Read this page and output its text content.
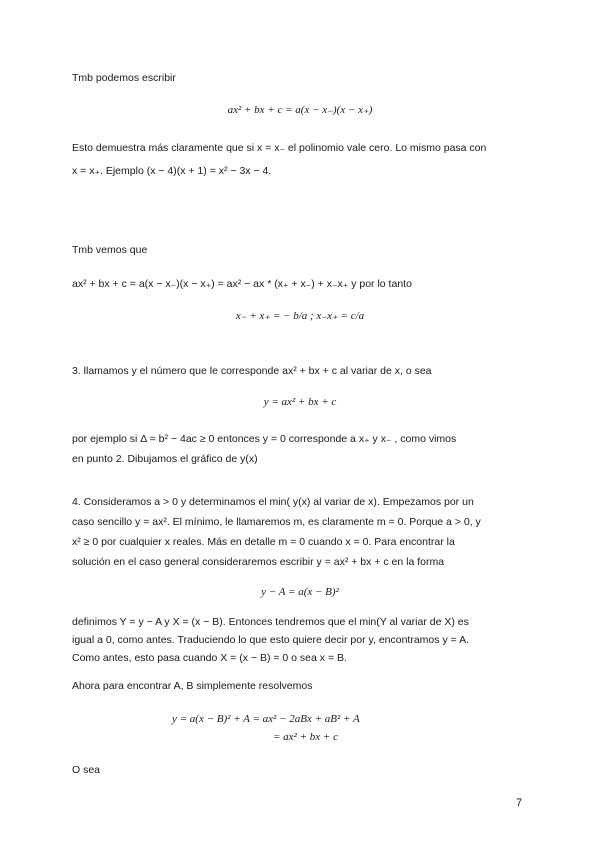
Tmb podemos escribir
ax² + bx + c = a(x − x₋)(x − x₊)
Esto demuestra más claramente que si x = x₋ el polinomio vale cero. Lo mismo pasa con
x = x₊. Ejemplo (x − 4)(x + 1) = x² − 3x − 4.
Tmb vemos que
ax² + bx + c = a(x − x₋)(x − x₊) = ax² − ax * (x₊ + x₋) + x₋x₊ y por lo tanto
x₋ + x₊ = − b/a ; x₋x₊ = c/a
3. llamamos y el número que le corresponde ax² + bx + c al variar de x, o sea
y = ax² + bx + c
por ejemplo si Δ = b² − 4ac ≥ 0 entonces y = 0 corresponde a x₊ y x₋ , como vimos
en punto 2. Dibujamos el gráfico de y(x)
4. Consideramos a > 0 y determinamos el min( y(x) al variar de x). Empezamos por un
caso sencillo y = ax². El mínimo, le llamaremos m, es claramente m = 0. Porque a > 0, y
x² ≥ 0 por cualquier x reales. Más en detalle m = 0 cuando x = 0. Para encontrar la
solución en el caso general consideraremos escribir y = ax² + bx + c en la forma
y − A = a(x − B)²
definimos Y = y − A y X = (x − B). Entonces tendremos que el min(Y al variar de X) es
igual a 0, como antes. Traduciendo lo que esto quiere decir por y, encontramos y = A.
Como antes, esto pasa cuando X = (x − B) = 0 o sea x = B.
Ahora para encontrar A, B simplemente resolvemos
y = a(x − B)² + A = ax² − 2aBx + aB² + A
= ax² + bx + c
O sea
7
